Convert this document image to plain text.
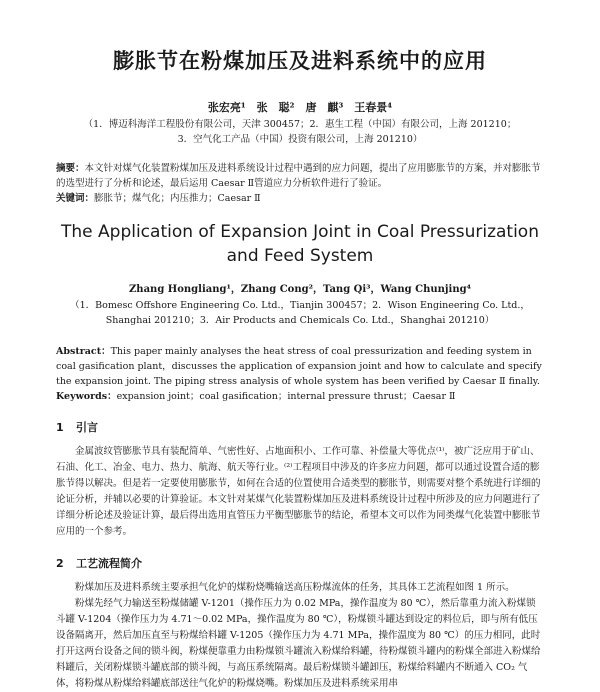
膨胀节在粉煤加压及进料系统中的应用
张宏亮¹　张　聪²　唐　麒³　王春景⁴
（1．博迈科海洋工程股份有限公司，天津 300457；2．惠生工程（中国）有限公司，上海 201210；
3．空气化工产品（中国）投资有限公司，上海 201210）
摘要：本文针对煤气化装置粉煤加压及进料系统设计过程中遇到的应力问题，提出了应用膨胀节的方案，并对膨胀节的选型进行了分析和论述，最后运用 Caesar Ⅱ管道应力分析软件进行了验证。
关键词：膨胀节；煤气化；内压推力；Caesar Ⅱ
The Application of Expansion Joint in Coal Pressurization
and Feed System
Zhang Hongliang¹，Zhang Cong²，Tang Qi³，Wang Chunjing⁴
（1．Bomesc Offshore Engineering Co. Ltd.，Tianjin 300457；2．Wison Engineering Co. Ltd.，
Shanghai 201210；3．Air Products and Chemicals Co. Ltd.，Shanghai 201210）
Abstract：This paper mainly analyses the heat stress of coal pressurization and feeding system in coal gasification plant，discusses the application of expansion joint and how to calculate and specify the expansion joint. The piping stress analysis of whole system has been verified by Caesar Ⅱ finally.
Keywords：expansion joint；coal gasification；internal pressure thrust；Caesar Ⅱ
1 引言

金属波纹管膨胀节具有装配简单、气密性好、占地面积小、工作可靠、补偿量大等优点⁽¹⁾，被广泛应用于矿山、石油、化工、冶金、电力、热力、航海、航天等行业。⁽²⁾工程项目中涉及的许多应力问题，都可以通过设置合适的膨胀节得以解决。但是若一定要使用膨胀节，如何在合适的位置使用合适类型的膨胀节，则需要对整个系统进行详细的论证分析，并辅以必要的计算验证。本文针对某煤气化装置粉煤加压及进料系统设计过程中所涉及的应力问题进行了详细分析论述及验证计算，最后得出选用直管压力平衡型膨胀节的结论，希望本文可以作为同类煤气化装置中膨胀节应用的一个参考。

2 工艺流程简介

粉煤加压及进料系统主要承担气化炉的煤粉烧嘴输送高压粉煤流体的任务，其具体工艺流程如图 1 所示。

粉煤先经气力输送至粉煤储罐 V-1201（操作压力为 0.02 MPa，操作温度为 80 ℃），然后靠重力流入粉煤锁斗罐 V-1204（操作压力为 4.71～0.02 MPa，操作温度为 80 ℃），粉煤锁斗罐达到设定的料位后，即与所有低压设备隔离开，然后加压直至与粉煤给料罐 V-1205（操作压力为 4.71 MPa，操作温度为 80 ℃）的压力相同，此时打开这两台设备之间的锁斗阀，粉煤便靠重力由粉煤锁斗罐流入粉煤给料罐，待粉煤锁斗罐内的粉煤全部进入粉煤给料罐后，关闭粉煤锁斗罐底部的锁斗阀，与高压系统隔离。最后粉煤锁斗罐卸压，粉煤给料罐内不断通入 CO₂ 气体，将粉煤从粉煤给料罐底部送往气化炉的粉煤烧嘴。粉煤加压及进料系统采用串
